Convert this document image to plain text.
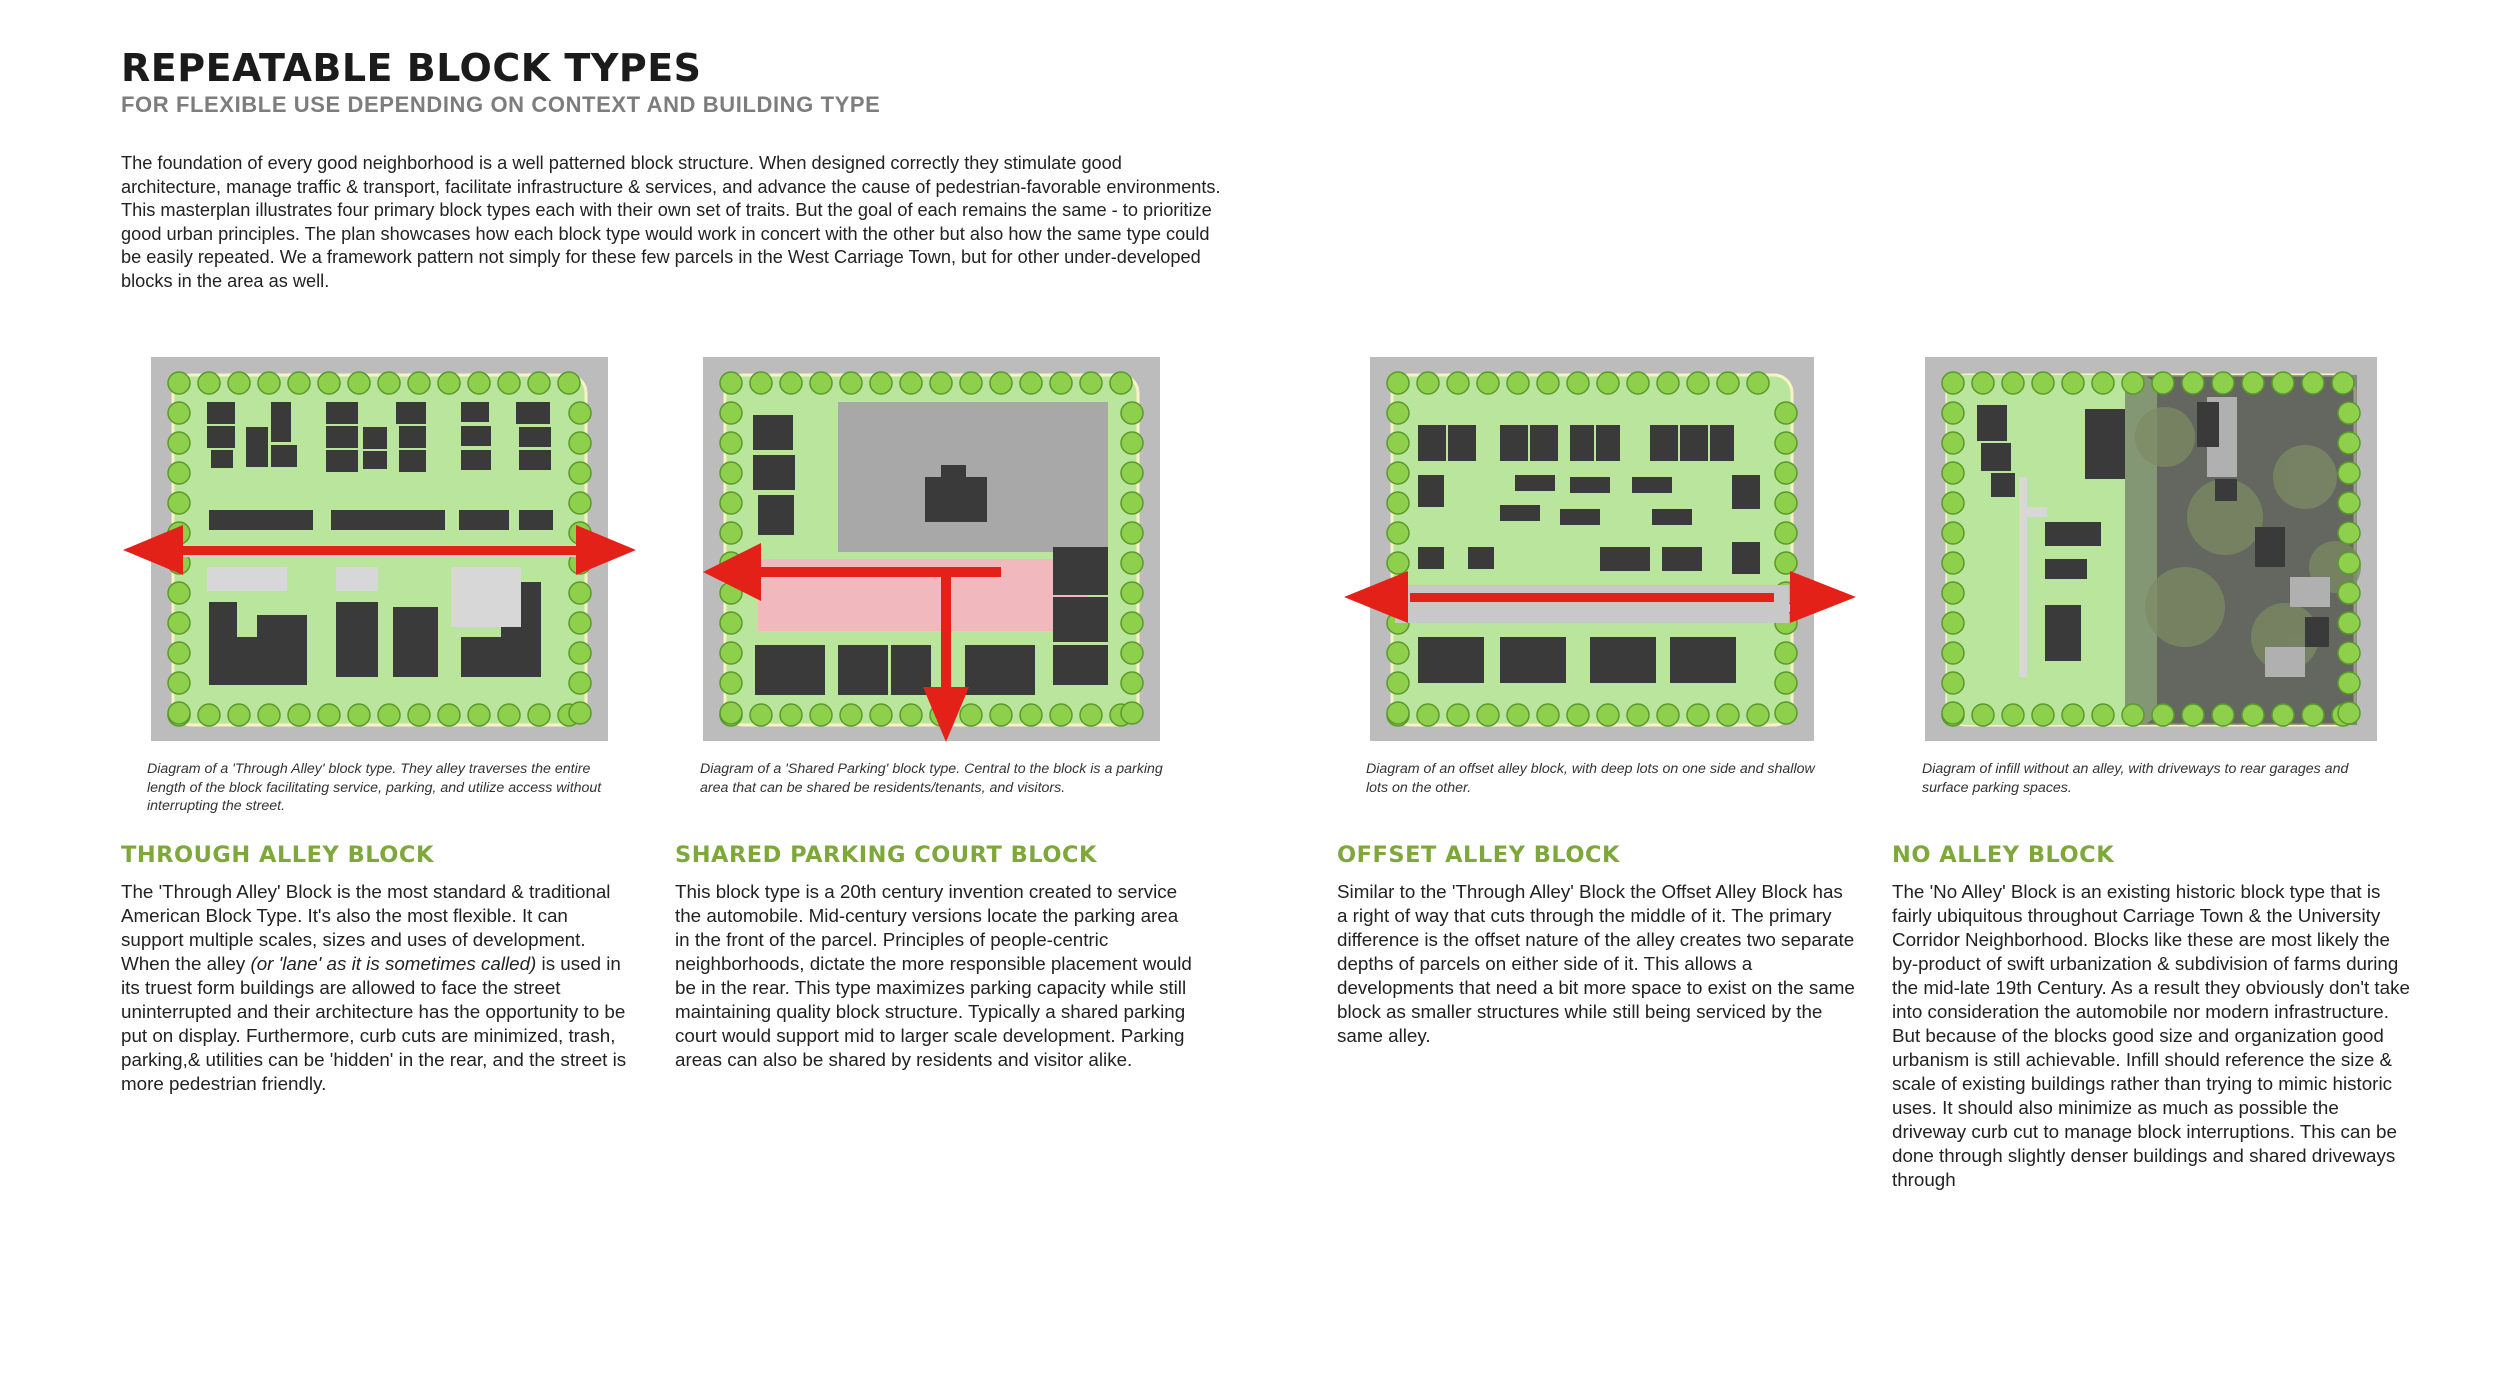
REPEATABLE BLOCK TYPES
FOR FLEXIBLE USE DEPENDING ON CONTEXT AND BUILDING TYPE

The foundation of every good neighborhood is a well patterned block structure. When designed correctly they stimulate good architecture, manage traffic & transport, facilitate infrastructure & services, and advance the cause of pedestrian-favorable environments. This masterplan illustrates four primary block types each with their own set of traits. But the goal of each remains the same - to prioritize good urban principles. The plan showcases how each block type would work in concert with the other but also how the same type could be easily repeated. We a framework pattern not simply for these few parcels in the West Carriage Town, but for other under-developed blocks in the area as well.

Diagram of a 'Through Alley' block type. They alley traverses the entire length of the block facilitating service, parking, and utilize access without interrupting the street.

Diagram of a 'Shared Parking' block type. Central to the block is a parking area that can be shared be residents/tenants, and visitors.

Diagram of an offset alley block, with deep lots on one side and shallow lots on the other.

Diagram of infill without an alley, with driveways to rear garages and surface parking spaces.

THROUGH ALLEY BLOCK	SHARED PARKING COURT BLOCK	OFFSET ALLEY BLOCK	NO ALLEY BLOCK

The 'Through Alley' Block is the most standard & traditional American Block Type. It's also the most flexible. It can support multiple scales, sizes and uses of development. When the alley (or 'lane' as it is sometimes called) is used in its truest form buildings are allowed to face the street uninterrupted and their architecture has the opportunity to be put on display. Furthermore, curb cuts are minimized, trash, parking,& utilities can be 'hidden' in the rear, and the street is more pedestrian friendly.

This block type is a 20th century invention created to service the automobile. Mid-century versions locate the parking area in the front of the parcel. Principles of people-centric neighborhoods, dictate the more responsible placement would be in the rear. This type maximizes parking capacity while still maintaining quality block structure. Typically a shared parking court would support mid to larger scale development. Parking areas can also be shared by residents and visitor alike.

Similar to the 'Through Alley' Block the Offset Alley Block has a right of way that cuts through the middle of it. The primary difference is the offset nature of the alley creates two separate depths of parcels on either side of it. This allows a developments that need a bit more space to exist on the same block as smaller structures while still being serviced by the same alley.

The 'No Alley' Block is an existing historic block type that is fairly ubiquitous throughout Carriage Town & the University Corridor Neighborhood. Blocks like these are most likely the by-product of swift urbanization & subdivision of farms during the mid-late 19th Century. As a result they obviously don't take into consideration the automobile nor modern infrastructure. But because of the blocks good size and organization good urbanism is still achievable. Infill should reference the size & scale of existing buildings rather than trying to mimic historic uses. It should also minimize as much as possible the driveway curb cut to manage block interruptions. This can be done through slightly denser buildings and shared driveways through
